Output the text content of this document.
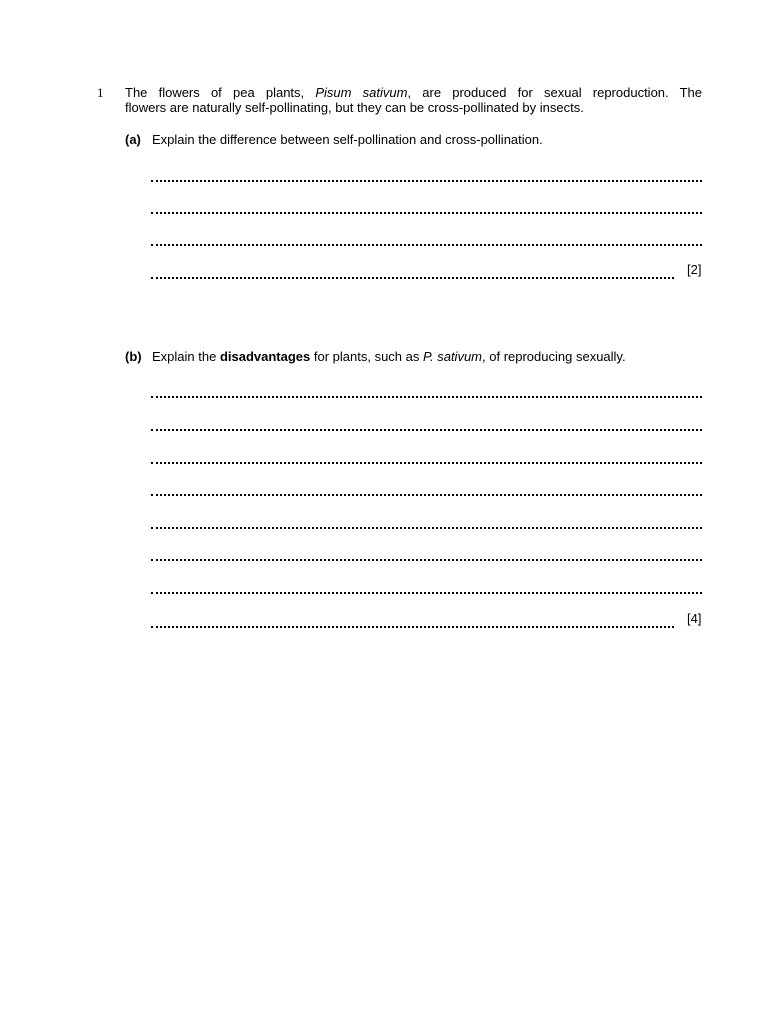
1 The flowers of pea plants, Pisum sativum, are produced for sexual reproduction. The
flowers are naturally self-pollinating, but they can be cross-pollinated by insects.
(a) Explain the difference between self-pollination and cross-pollination.
[2]
(b) Explain the disadvantages for plants, such as P. sativum, of reproducing sexually.
[4]
